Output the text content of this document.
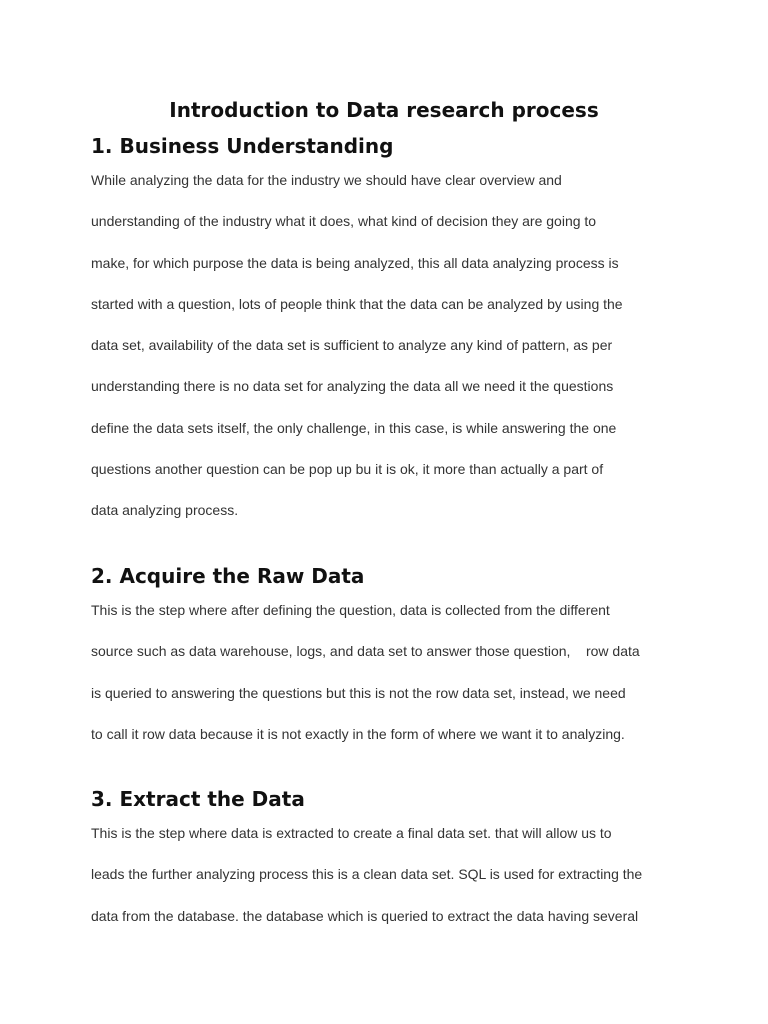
Introduction to Data research process
1. Business Understanding
While analyzing the data for the industry we should have clear overview and
understanding of the industry what it does, what kind of decision they are going to
make, for which purpose the data is being analyzed, this all data analyzing process is
started with a question, lots of people think that the data can be analyzed by using the
data set, availability of the data set is sufficient to analyze any kind of pattern, as per
understanding there is no data set for analyzing the data all we need it the questions
define the data sets itself, the only challenge, in this case, is while answering the one
questions another question can be pop up bu it is ok, it more than actually a part of
data analyzing process.
2. Acquire the Raw Data
This is the step where after defining the question, data is collected from the different
source such as data warehouse, logs, and data set to answer those question,    row data
is queried to answering the questions but this is not the row data set, instead, we need
to call it row data because it is not exactly in the form of where we want it to analyzing.
3. Extract the Data
This is the step where data is extracted to create a final data set. that will allow us to
leads the further analyzing process this is a clean data set. SQL is used for extracting the
data from the database. the database which is queried to extract the data having several
